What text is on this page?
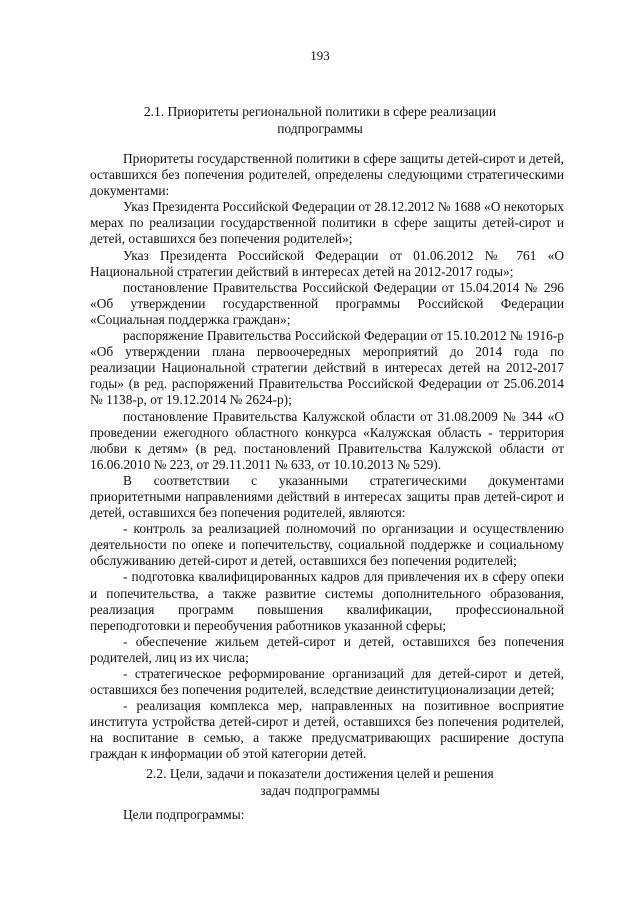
193
2.1. Приоритеты региональной политики в сфере реализации
подпрограммы

Приоритеты государственной политики в сфере защиты детей-сирот и детей, оставшихся без попечения родителей, определены следующими стратегическими документами:

Указ Президента Российской Федерации от 28.12.2012 № 1688 «О некоторых мерах по реализации государственной политики в сфере защиты детей-сирот и детей, оставшихся без попечения родителей»;

Указ Президента Российской Федерации от 01.06.2012 № 761 «О Национальной стратегии действий в интересах детей на 2012-2017 годы»;

постановление Правительства Российской Федерации от 15.04.2014 № 296 «Об утверждении государственной программы Российской Федерации «Социальная поддержка граждан»;

распоряжение Правительства Российской Федерации от 15.10.2012 № 1916-р «Об утверждении плана первоочередных мероприятий до 2014 года по реализации Национальной стратегии действий в интересах детей на 2012-2017 годы» (в ред. распоряжений Правительства Российской Федерации от 25.06.2014 № 1138-р, от 19.12.2014 № 2624-р);

постановление Правительства Калужской области от 31.08.2009 № 344 «О проведении ежегодного областного конкурса «Калужская область - территория любви к детям» (в ред. постановлений Правительства Калужской области от 16.06.2010 № 223, от 29.11.2011 № 633, от 10.10.2013 № 529).

В соответствии с указанными стратегическими документами приоритетными направлениями действий в интересах защиты прав детей-сирот и детей, оставшихся без попечения родителей, являются:

- контроль за реализацией полномочий по организации и осуществлению деятельности по опеке и попечительству, социальной поддержке и социальному обслуживанию детей-сирот и детей, оставшихся без попечения родителей;

- подготовка квалифицированных кадров для привлечения их в сферу опеки и попечительства, а также развитие системы дополнительного образования, реализация программ повышения квалификации, профессиональной переподготовки и переобучения работников указанной сферы;

- обеспечение жильем детей-сирот и детей, оставшихся без попечения родителей, лиц из их числа;

- стратегическое реформирование организаций для детей-сирот и детей, оставшихся без попечения родителей, вследствие деинституционализации детей;

- реализация комплекса мер, направленных на позитивное восприятие института устройства детей-сирот и детей, оставшихся без попечения родителей, на воспитание в семью, а также предусматривающих расширение доступа граждан к информации об этой категории детей.

2.2. Цели, задачи и показатели достижения целей и решения
задач подпрограммы

Цели подпрограммы:
